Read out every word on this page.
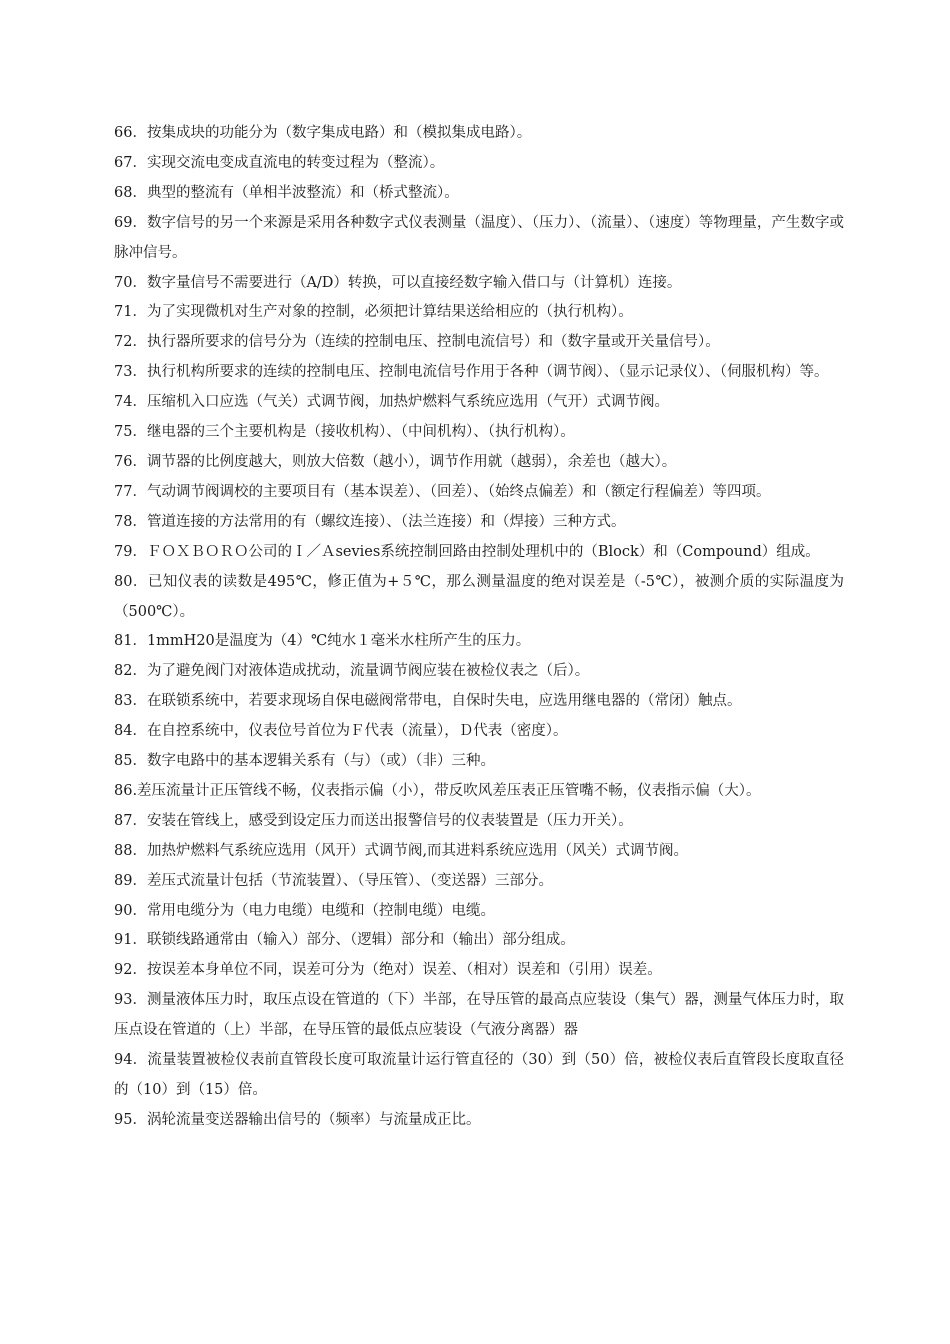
66．按集成块的功能分为（数字集成电路）和（模拟集成电路）。

67．实现交流电变成直流电的转变过程为（整流）。

68．典型的整流有（单相半波整流）和（桥式整流）。

69．数字信号的另一个来源是采用各种数字式仪表测量（温度）、（压力）、（流量）、（速度）等物理量，产生数字或脉冲信号。

70．数字量信号不需要进行（A/D）转换，可以直接经数字输入借口与（计算机）连接。

71．为了实现微机对生产对象的控制，必须把计算结果送给相应的（执行机构）。

72．执行器所要求的信号分为（连续的控制电压、控制电流信号）和（数字量或开关量信号）。

73．执行机构所要求的连续的控制电压、控制电流信号作用于各种（调节阀）、（显示记录仪）、（伺服机构）等。

74．压缩机入口应选（气关）式调节阀，加热炉燃料气系统应选用（气开）式调节阀。

75．继电器的三个主要机构是（接收机构）、（中间机构）、（执行机构）。

76．调节器的比例度越大，则放大倍数（越小），调节作用就（越弱），余差也（越大）。

77．气动调节阀调校的主要项目有（基本误差）、（回差）、（始终点偏差）和（额定行程偏差）等四项。

78．管道连接的方法常用的有（螺纹连接）、（法兰连接）和（焊接）三种方式。

79．ＦＯＸＢＯＲＯ公司的Ｉ／Ａsevies系统控制回路由控制处理机中的（Block）和（Compound）组成。

80．已知仪表的读数是495℃，修正值为+５℃，那么测量温度的绝对误差是（-5℃），被测介质的实际温度为（500℃）。

81．1mmH20是温度为（4）℃纯水１毫米水柱所产生的压力。

82．为了避免阀门对液体造成扰动，流量调节阀应装在被检仪表之（后）。

83．在联锁系统中，若要求现场自保电磁阀常带电，自保时失电，应选用继电器的（常闭）触点。

84．在自控系统中，仪表位号首位为Ｆ代表（流量），Ｄ代表（密度）。

85．数字电路中的基本逻辑关系有（与）（或）（非）三种。

86.差压流量计正压管线不畅，仪表指示偏（小），带反吹风差压表正压管嘴不畅，仪表指示偏（大）。

87．安装在管线上，感受到设定压力而送出报警信号的仪表装置是（压力开关）。

88．加热炉燃料气系统应选用（风开）式调节阀,而其进料系统应选用（风关）式调节阀。

89．差压式流量计包括（节流装置）、（导压管）、（变送器）三部分。

90．常用电缆分为（电力电缆）电缆和（控制电缆）电缆。

91．联锁线路通常由（输入）部分、（逻辑）部分和（输出）部分组成。

92．按误差本身单位不同，误差可分为（绝对）误差、（相对）误差和（引用）误差。

93．测量液体压力时，取压点设在管道的（下）半部，在导压管的最高点应装设（集气）器，测量气体压力时，取压点设在管道的（上）半部，在导压管的最低点应装设（气液分离器）器

94．流量装置被检仪表前直管段长度可取流量计运行管直径的（30）到（50）倍，被检仪表后直管段长度取直径的（10）到（15）倍。

95．涡轮流量变送器输出信号的（频率）与流量成正比。
